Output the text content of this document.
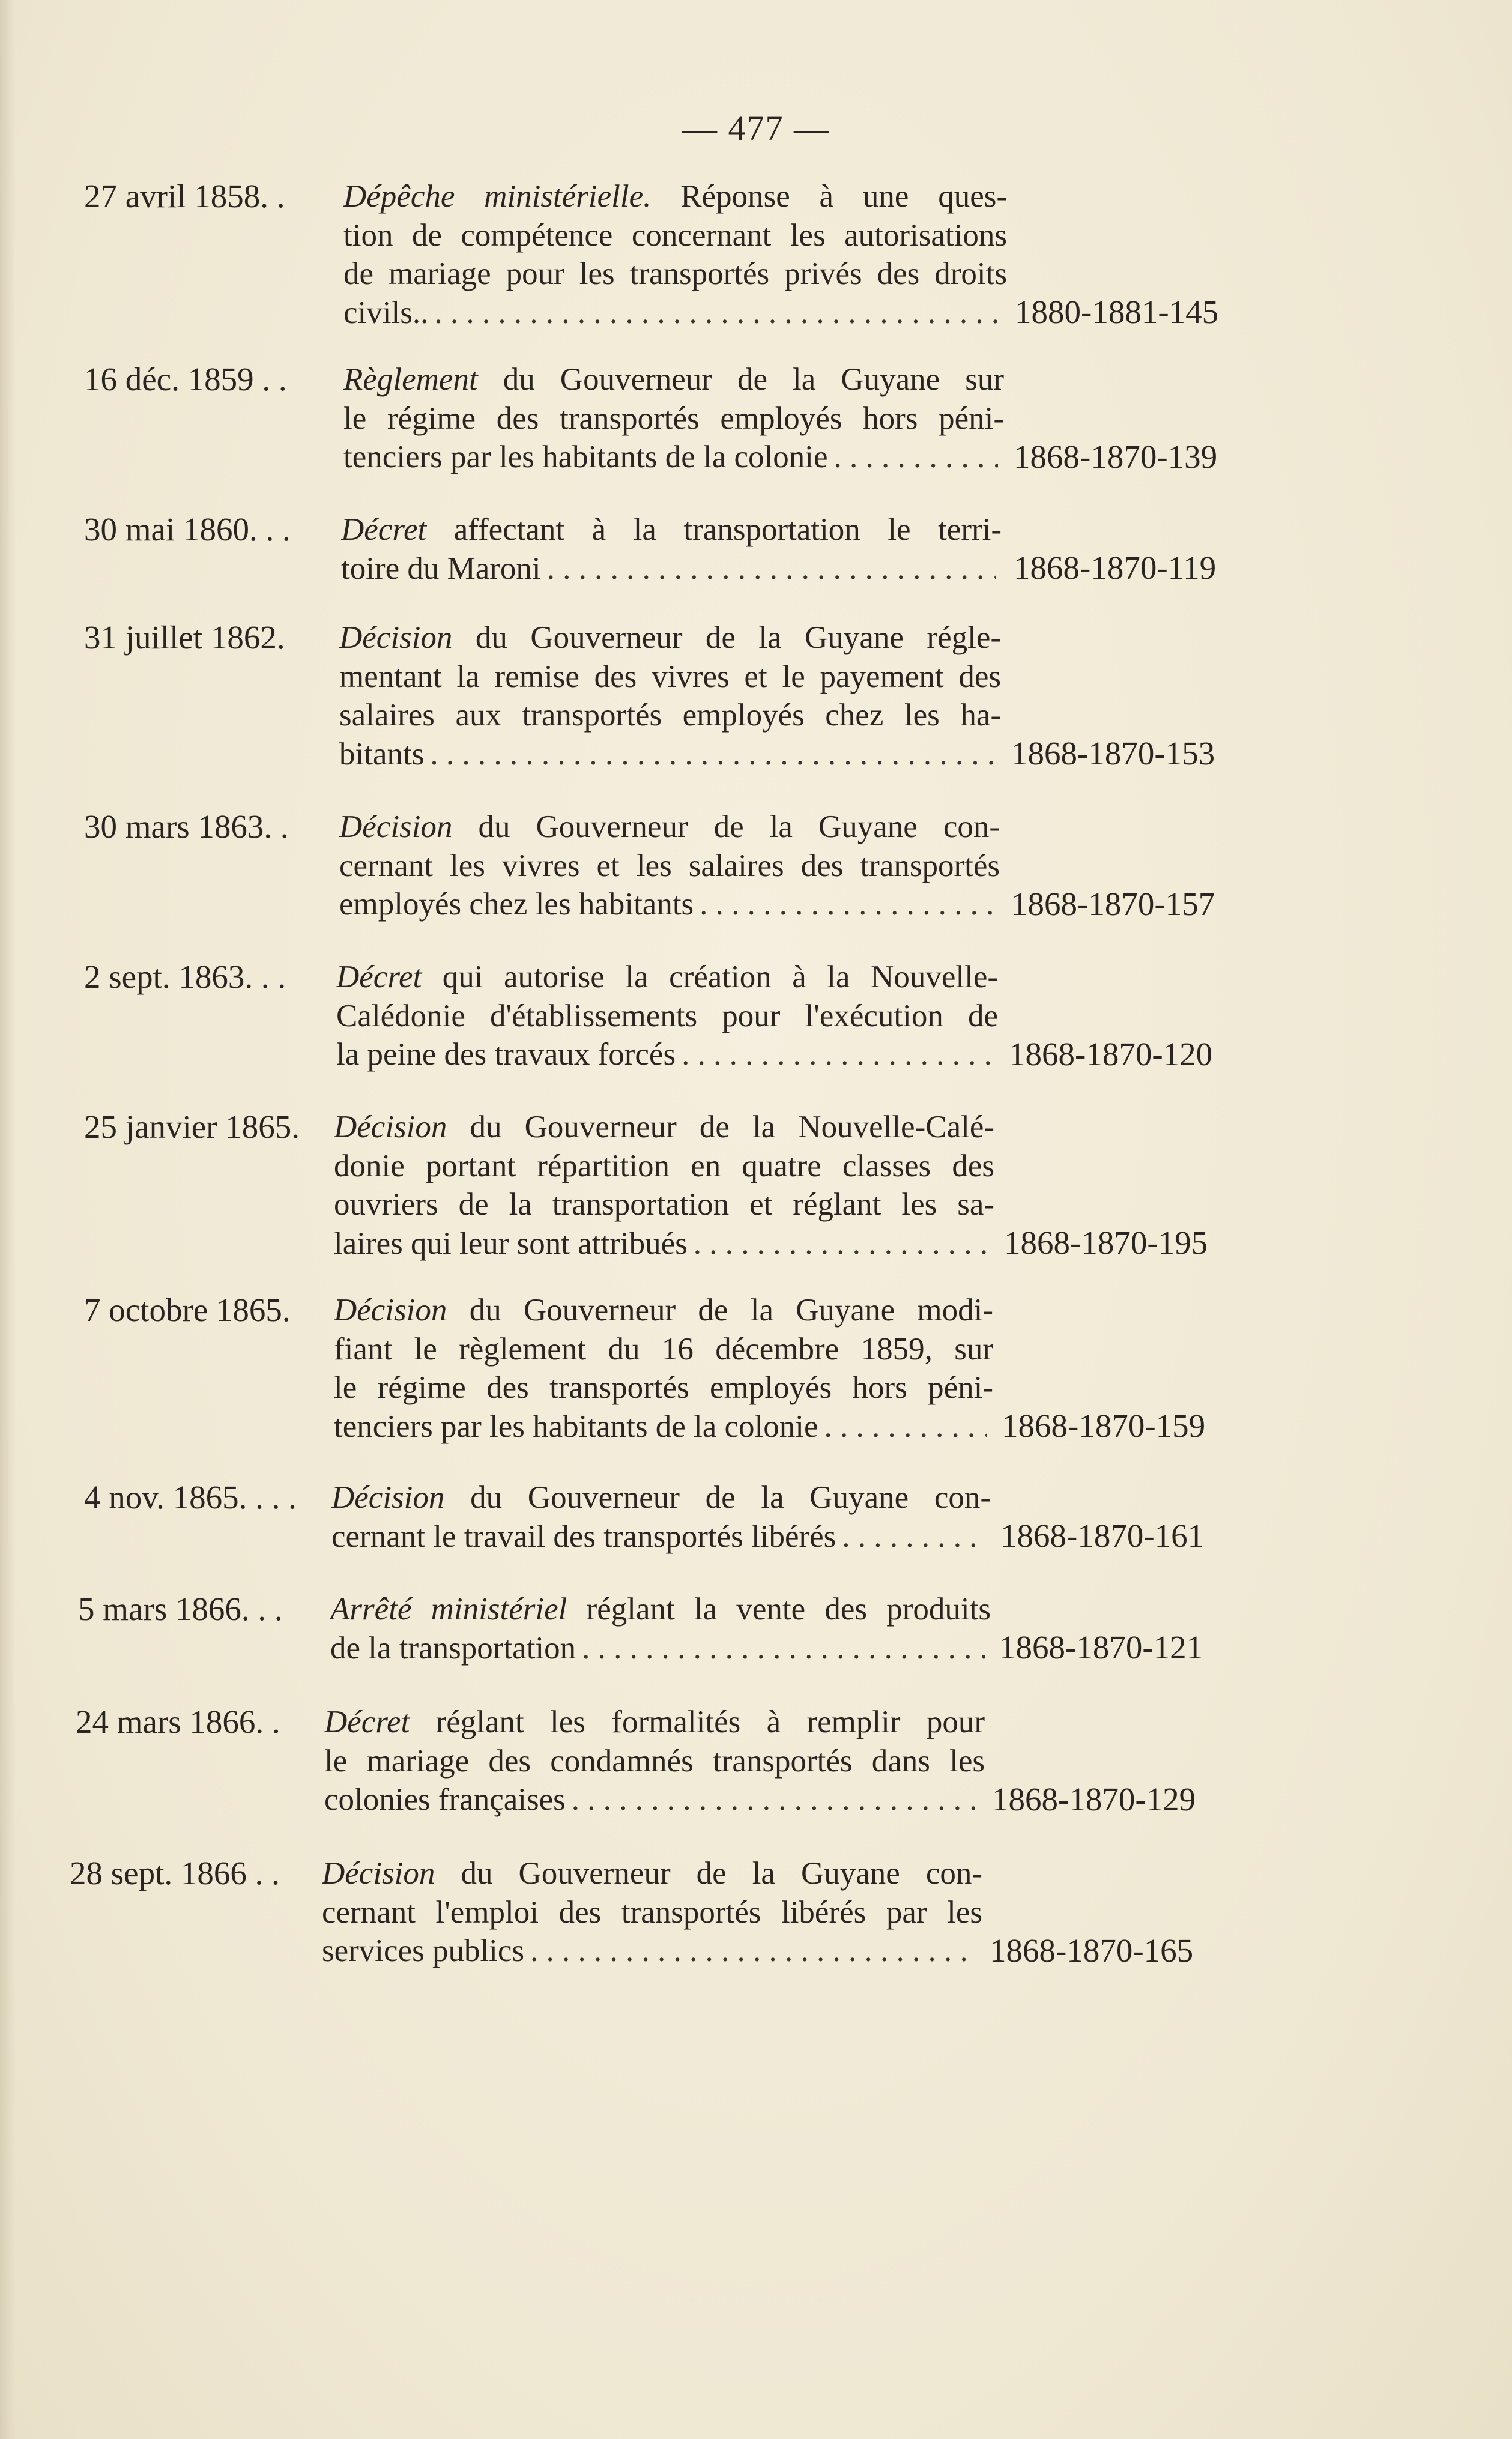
— 477 —
27 avril 1858. . Dépêche ministérielle. Réponse à une ques-
tion de compétence concernant les autorisations
de mariage pour les transportés privés des droits
civils.. . . .	1880-1881-145
16 déc. 1859 . . Règlement du Gouverneur de la Guyane sur
le régime des transportés employés hors péni-
tenciers par les habitants de la colonie . . .	1868-1870-139
30 mai 1860. . . Décret affectant à la transportation le terri-
toire du Maroni . . .	1868-1870-119
31 juillet 1862. Décision du Gouverneur de la Guyane régle-
mentant la remise des vivres et le payement des
salaires aux transportés employés chez les ha-
bitants . . .	1868-1870-153
30 mars 1863. . Décision du Gouverneur de la Guyane con-
cernant les vivres et les salaires des transportés
employés chez les habitants . . .	1868-1870-157
2 sept. 1863. . . Décret qui autorise la création à la Nouvelle-
Calédonie d'établissements pour l'exécution de
la peine des travaux forcés . . .	1868-1870-120
25 janvier 1865. Décision du Gouverneur de la Nouvelle-Calé-
donie portant répartition en quatre classes des
ouvriers de la transportation et réglant les sa-
laires qui leur sont attribués . . .	1868-1870-195
7 octobre 1865. Décision du Gouverneur de la Guyane modi-
fiant le règlement du 16 décembre 1859, sur
le régime des transportés employés hors péni-
tenciers par les habitants de la colonie . . .	1868-1870-159
4 nov. 1865. . . . Décision du Gouverneur de la Guyane con-
cernant le travail des transportés libérés . . .	1868-1870-161
5 mars 1866. . . Arrêté ministériel réglant la vente des produits
de la transportation . . .	1868-1870-121
24 mars 1866. . Décret réglant les formalités à remplir pour
le mariage des condamnés transportés dans les
colonies françaises . . .	1868-1870-129
28 sept. 1866 . . Décision du Gouverneur de la Guyane con-
cernant l'emploi des transportés libérés par les
services publics . . .	1868-1870-165
